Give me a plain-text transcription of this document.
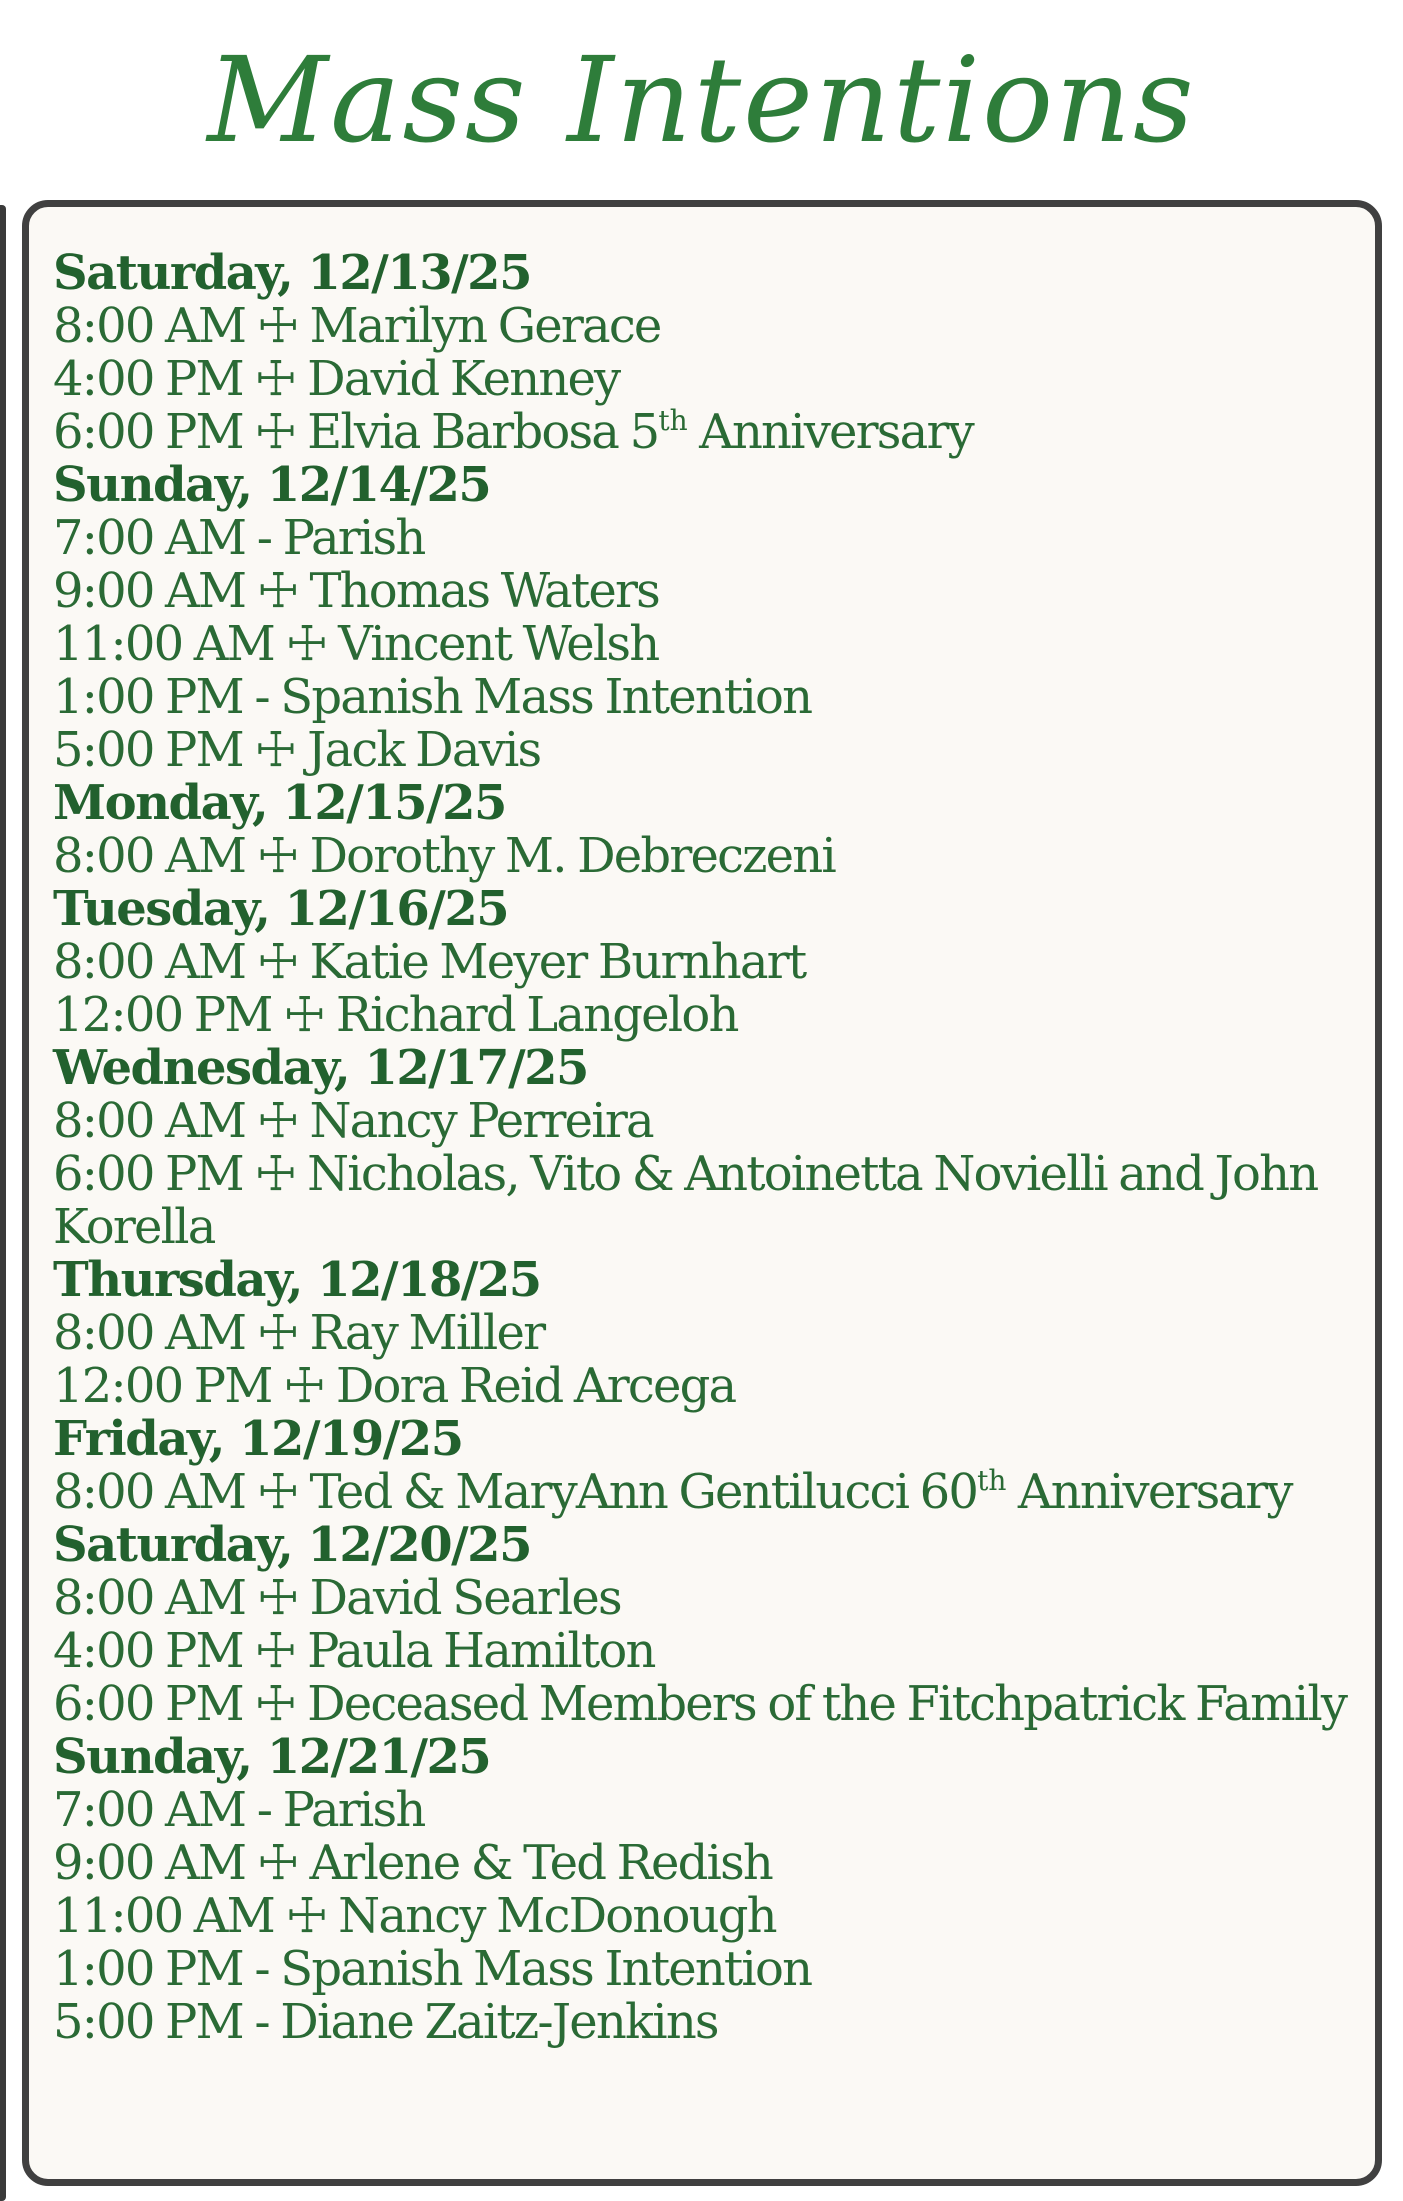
Mass Intentions
Saturday, 12/13/25
8:00 AM ☩ Marilyn Gerace
4:00 PM ☩ David Kenney
6:00 PM ☩ Elvia Barbosa 5th Anniversary
Sunday, 12/14/25
7:00 AM - Parish
9:00 AM ☩ Thomas Waters
11:00 AM ☩ Vincent Welsh
1:00 PM - Spanish Mass Intention
5:00 PM ☩ Jack Davis
Monday, 12/15/25
8:00 AM ☩ Dorothy M. Debreczeni
Tuesday, 12/16/25
8:00 AM ☩ Katie Meyer Burnhart
12:00 PM ☩ Richard Langeloh
Wednesday, 12/17/25
8:00 AM ☩ Nancy Perreira
6:00 PM ☩ Nicholas, Vito & Antoinetta Novielli and John Korella
Thursday, 12/18/25
8:00 AM ☩ Ray Miller
12:00 PM ☩ Dora Reid Arcega
Friday, 12/19/25
8:00 AM ☩ Ted & MaryAnn Gentilucci 60th Anniversary
Saturday, 12/20/25
8:00 AM ☩ David Searles
4:00 PM ☩ Paula Hamilton
6:00 PM ☩ Deceased Members of the Fitchpatrick Family
Sunday, 12/21/25
7:00 AM - Parish
9:00 AM ☩ Arlene & Ted Redish
11:00 AM ☩ Nancy McDonough
1:00 PM - Spanish Mass Intention
5:00 PM - Diane Zaitz-Jenkins
